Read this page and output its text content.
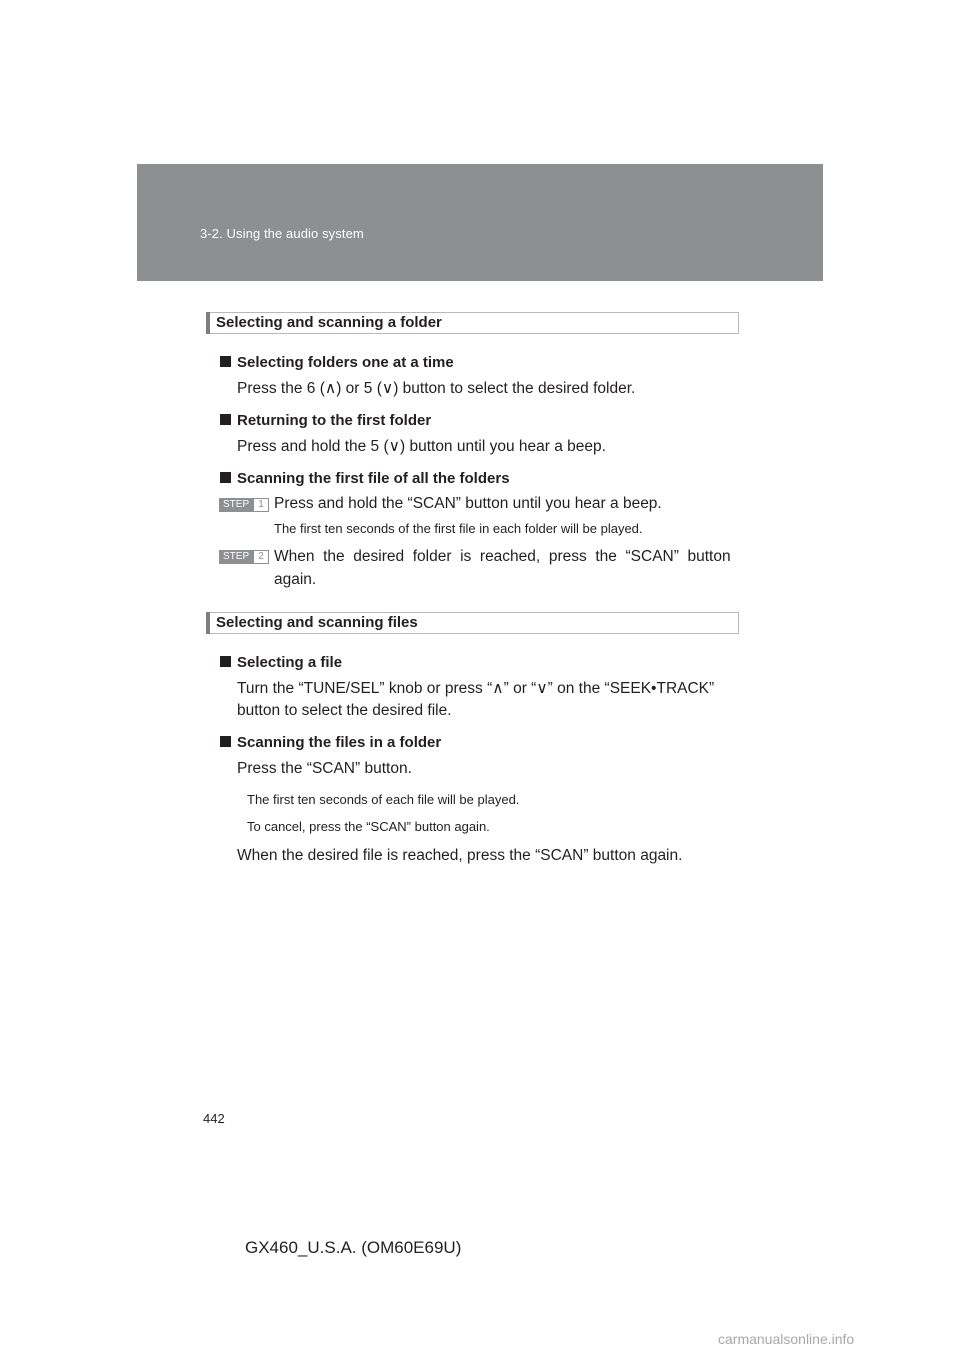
3-2. Using the audio system
Selecting and scanning a folder
Selecting folders one at a time
Press the 6 (∧) or 5 (∨) button to select the desired folder.
Returning to the first folder
Press and hold the 5 (∨) button until you hear a beep.
Scanning the first file of all the folders
STEP 1 Press and hold the “SCAN” button until you hear a beep.
The first ten seconds of the first file in each folder will be played.
STEP 2 When  the  desired  folder  is  reached,  press  the  “SCAN”  button
again.
Selecting and scanning files
Selecting a file
Turn the “TUNE/SEL” knob or press “∧” or “∨” on the “SEEK•TRACK”
button to select the desired file.
Scanning the files in a folder
Press the “SCAN” button.
The first ten seconds of each file will be played.
To cancel, press the “SCAN” button again.
When the desired file is reached, press the “SCAN” button again.
442
GX460_U.S.A. (OM60E69U)
carmanualsonline.info
